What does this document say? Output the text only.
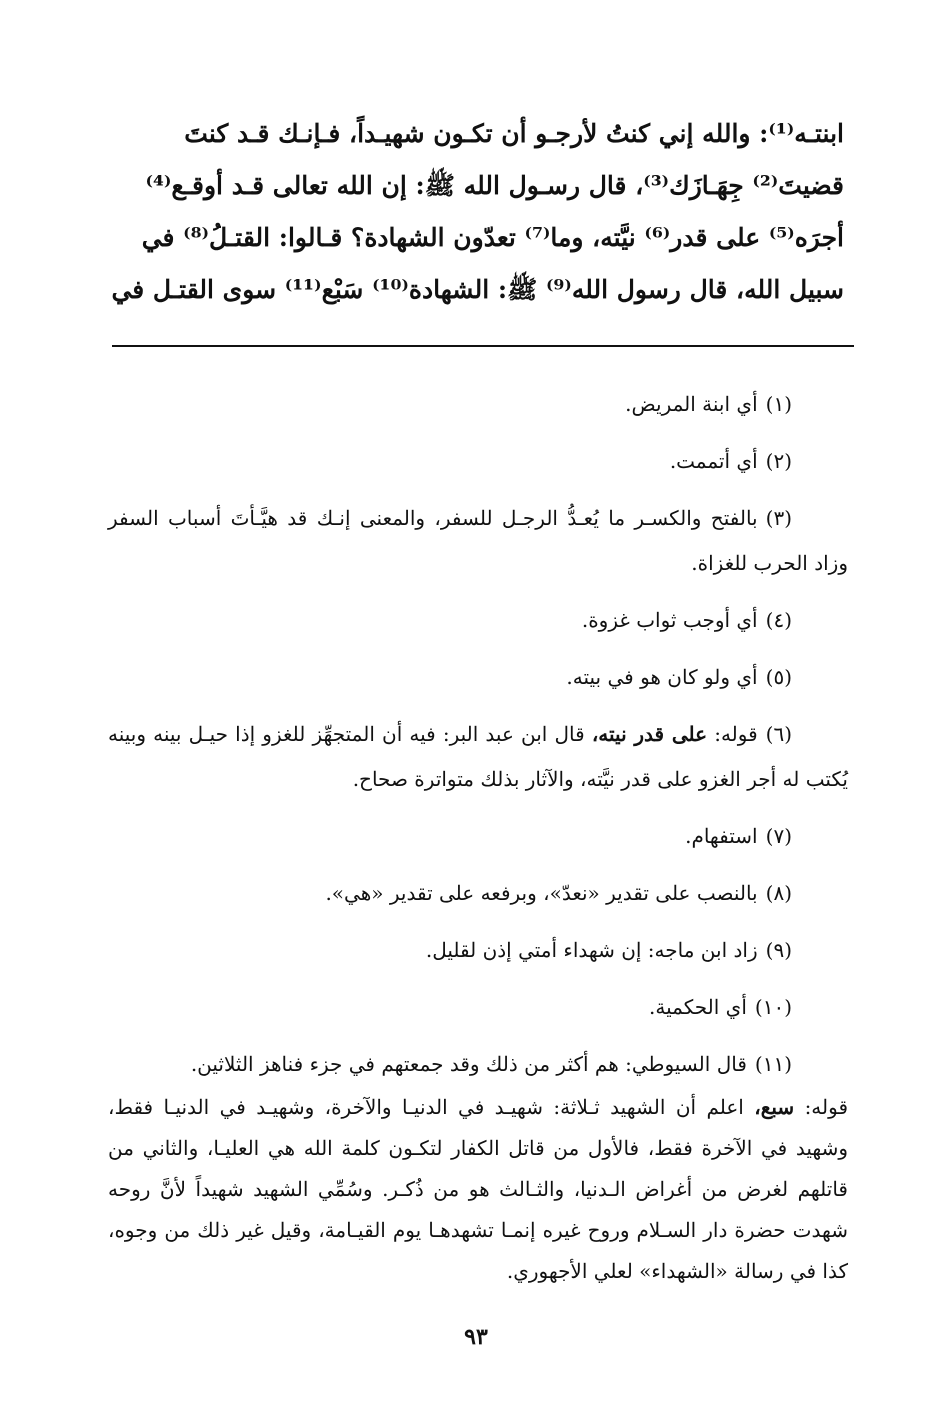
ابنتـه⁽¹⁾: والله إني كنتُ لأرجـو أن تكـون شهيـداً، فـإنـك قـد كنتَ

قضيتَ⁽²⁾ جِهَـازَك⁽³⁾، قال رسـول الله ﷺ: إن الله تعالى قـد أوقـع⁽⁴⁾

أجرَه⁽⁵⁾ على قدر⁽⁶⁾ نيَّته، وما⁽⁷⁾ تعدّون الشهادة؟ قـالوا: القتـلُ⁽⁸⁾ في

سبيل الله، قال رسول الله⁽⁹⁾ ﷺ: الشهادة⁽¹⁰⁾ سَبْع⁽¹¹⁾ سوى القتـل في

(١)أي ابنة المريض.

(٢)أي أتممت.

(٣)بالفتح والكسـر ما يُعـدُّ الرجـل للسفر، والمعنى إنـك قد هيَّـأتَ أسباب السفر وزاد الحرب للغزاة.

(٤)أي أوجب ثواب غزوة.

(٥)أي ولو كان هو في بيته.

(٦)قوله: على قدر نيته، قال ابن عبد البر: فيه أن المتجهِّز للغزو إذا حيـل بينه وبينه يُكتب له أجر الغزو على قدر نيَّته، والآثار بذلك متواترة صحاح.

(٧)استفهام.

(٨)بالنصب على تقدير «نعدّ»، وبرفعه على تقدير «هي».

(٩)زاد ابن ماجه: إن شهداء أمتي إذن لقليل.

(١٠)أي الحكمية.

(١١)قال السيوطي: هم أكثر من ذلك وقد جمعتهم في جزء فناهز الثلاثين.

قوله: سبع، اعلم أن الشهيد ثـلاثة: شهيـد في الدنيـا والآخرة، وشهيـد في الدنيـا فقط، وشهيد في الآخرة فقط، فالأول من قاتل الكفار لتكـون كلمة الله هي العليـا، والثاني من قاتلهم لغرض من أغراض الـدنيا، والثـالث هو من ذُكـر. وسُمِّي الشهيد شهيداً لأنَّ روحه شهدت حضرة دار السـلام وروح غيره إنمـا تشهدهـا يوم القيـامة، وقيل غير ذلك من وجوه، كذا في رسالة «الشهداء» لعلي الأجهوري.

٩٣
